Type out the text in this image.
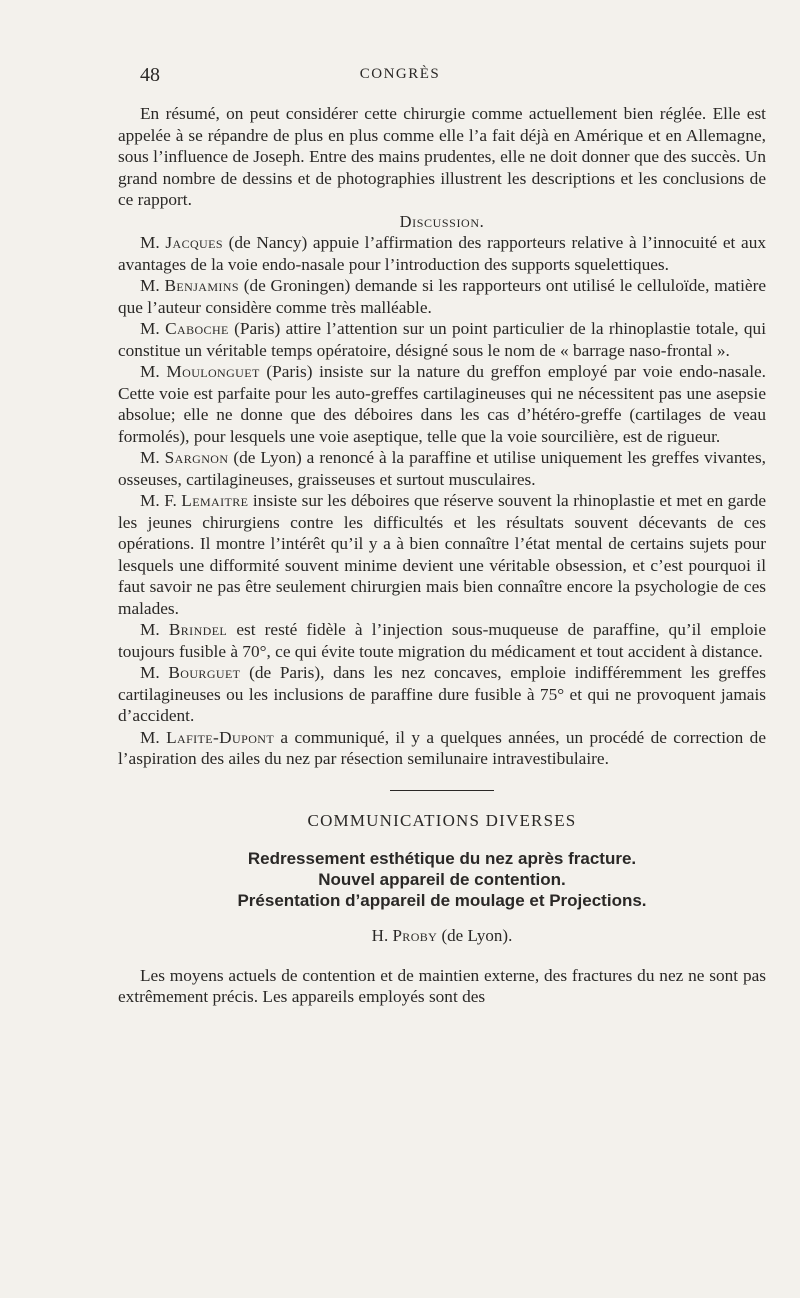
48	CONGRÈS

En résumé, on peut considérer cette chirurgie comme actuellement bien réglée. Elle est appelée à se répandre de plus en plus comme elle l’a fait déjà en Amérique et en Allemagne, sous l’influence de Joseph. Entre des mains prudentes, elle ne doit donner que des succès. Un grand nombre de dessins et de photographies illustrent les descriptions et les conclusions de ce rapport.

Discussion.

M. Jacques (de Nancy) appuie l’affirmation des rapporteurs relative à l’innocuité et aux avantages de la voie endo-nasale pour l’introduction des supports squelettiques.

M. Benjamins (de Groningen) demande si les rapporteurs ont utilisé le celluloïde, matière que l’auteur considère comme très malléable.

M. Caboche (Paris) attire l’attention sur un point particulier de la rhinoplastie totale, qui constitue un véritable temps opératoire, désigné sous le nom de « barrage naso-frontal ».

M. Moulonguet (Paris) insiste sur la nature du greffon employé par voie endo-nasale. Cette voie est parfaite pour les auto-greffes cartilagineuses qui ne nécessitent pas une asepsie absolue; elle ne donne que des déboires dans les cas d’hétéro-greffe (cartilages de veau formolés), pour lesquels une voie aseptique, telle que la voie sourcilière, est de rigueur.

M. Sargnon (de Lyon) a renoncé à la paraffine et utilise uniquement les greffes vivantes, osseuses, cartilagineuses, graisseuses et surtout musculaires.

M. F. Lemaitre insiste sur les déboires que réserve souvent la rhinoplastie et met en garde les jeunes chirurgiens contre les difficultés et les résultats souvent décevants de ces opérations. Il montre l’intérêt qu’il y a à bien connaître l’état mental de certains sujets pour lesquels une difformité souvent minime devient une véritable obsession, et c’est pourquoi il faut savoir ne pas être seulement chirurgien mais bien connaître encore la psychologie de ces malades.

M. Brindel est resté fidèle à l’injection sous-muqueuse de paraffine, qu’il emploie toujours fusible à 70°, ce qui évite toute migration du médicament et tout accident à distance.

M. Bourguet (de Paris), dans les nez concaves, emploie indifféremment les greffes cartilagineuses ou les inclusions de paraffine dure fusible à 75° et qui ne provoquent jamais d’accident.

M. Lafite-Dupont a communiqué, il y a quelques années, un procédé de correction de l’aspiration des ailes du nez par résection semilunaire intravestibulaire.

COMMUNICATIONS DIVERSES

Redressement esthétique du nez après fracture.

Nouvel appareil de contention.

Présentation d’appareil de moulage et Projections.

H. Proby (de Lyon).

Les moyens actuels de contention et de maintien externe, des fractures du nez ne sont pas extrêmement précis. Les appareils employés sont des
